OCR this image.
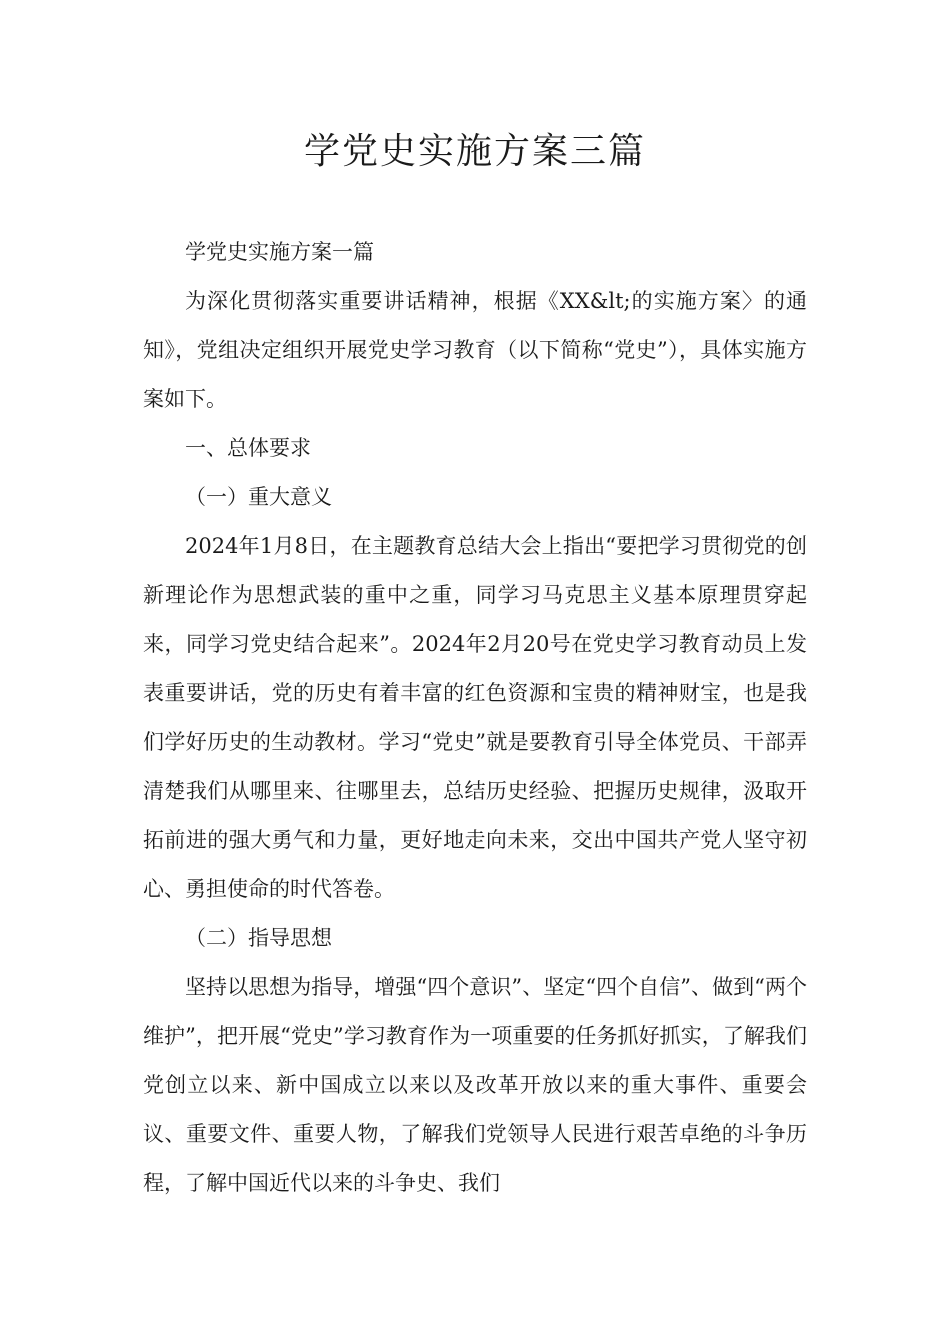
学党史实施方案三篇

学党史实施方案一篇

为深化贯彻落实重要讲话精神，根据《XX&lt;的实施方案〉的通知》，党组决定组织开展党史学习教育（以下简称“党史”），具体实施方案如下。

一、总体要求

（一）重大意义

2024年1月8日，在主题教育总结大会上指出“要把学习贯彻党的创新理论作为思想武装的重中之重，同学习马克思主义基本原理贯穿起来，同学习党史结合起来”。2024年2月20号在党史学习教育动员上发表重要讲话，党的历史有着丰富的红色资源和宝贵的精神财宝，也是我们学好历史的生动教材。学习“党史”就是要教育引导全体党员、干部弄清楚我们从哪里来、往哪里去，总结历史经验、把握历史规律，汲取开拓前进的强大勇气和力量，更好地走向未来，交出中国共产党人坚守初心、勇担使命的时代答卷。

（二）指导思想

坚持以思想为指导，增强“四个意识”、坚定“四个自信”、做到“两个维护”，把开展“党史”学习教育作为一项重要的任务抓好抓实，了解我们党创立以来、新中国成立以来以及改革开放以来的重大事件、重要会议、重要文件、重要人物，了解我们党领导人民进行艰苦卓绝的斗争历程，了解中国近代以来的斗争史、我们
